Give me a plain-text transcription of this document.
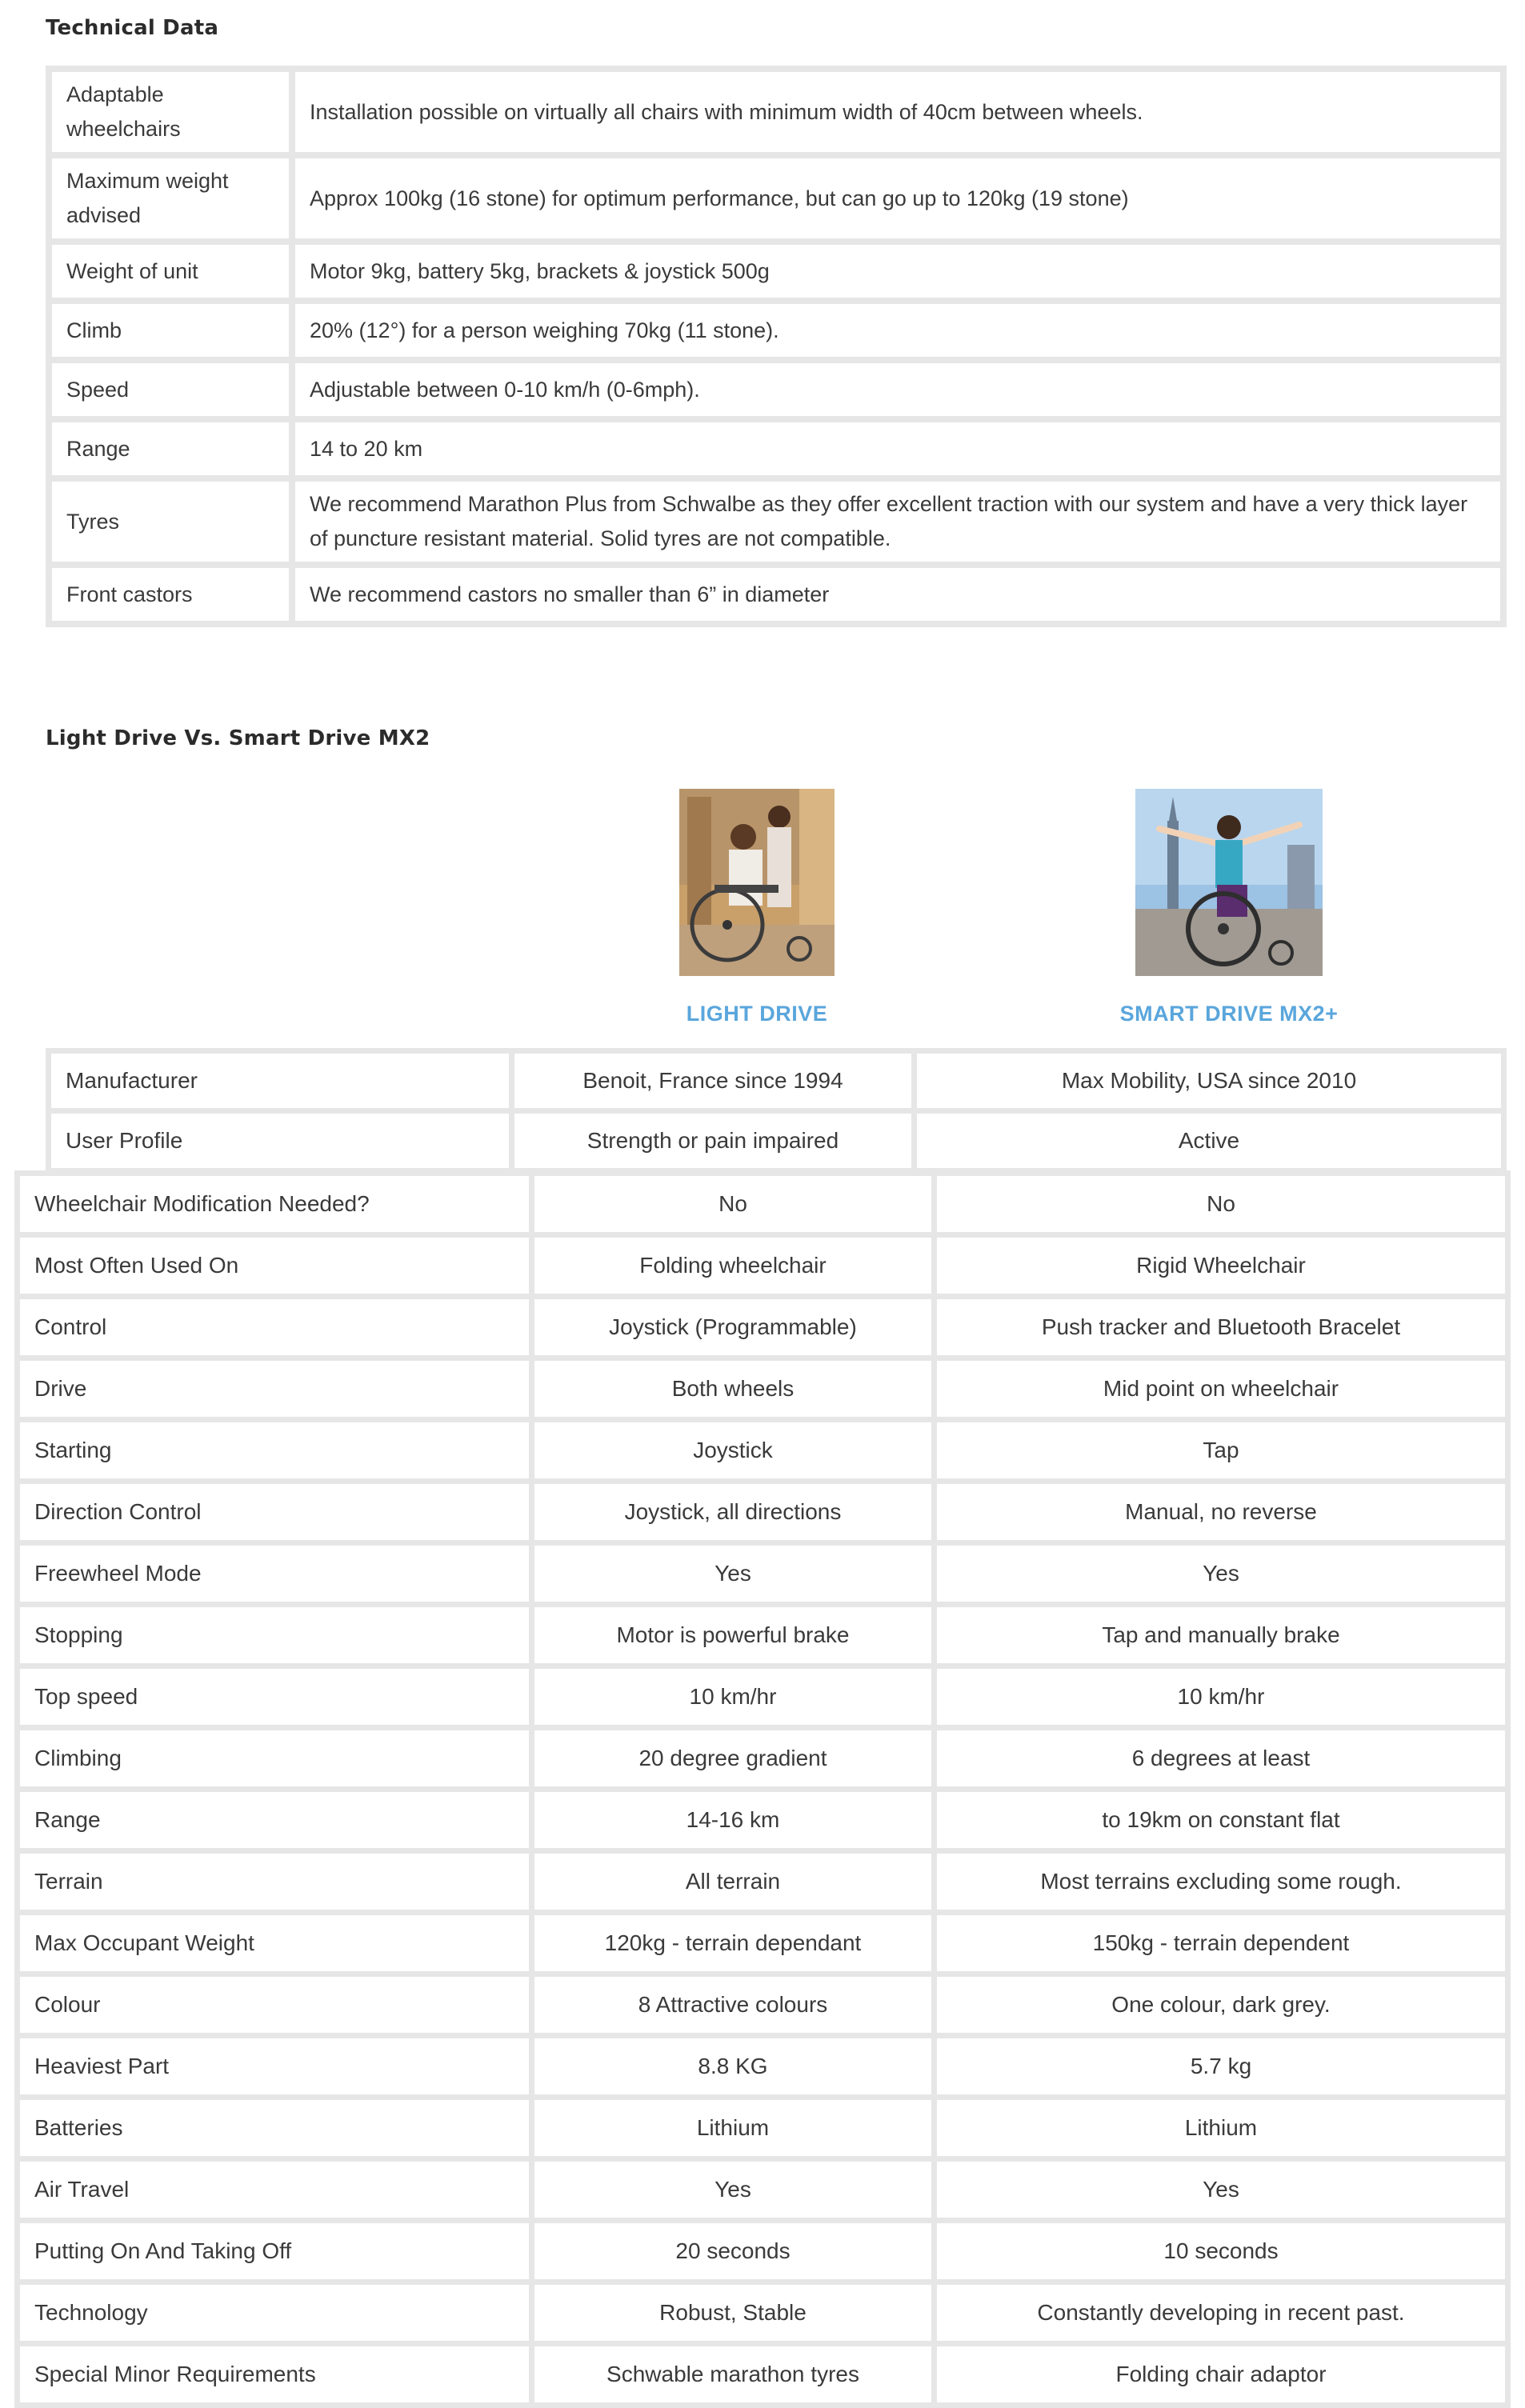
Technical Data
Adaptable wheelchairs	Installation possible on virtually all chairs with minimum width of 40cm between wheels.
Maximum weight advised	Approx 100kg (16 stone) for optimum performance, but can go up to 120kg (19 stone)
Weight of unit	Motor 9kg, battery 5kg, brackets & joystick 500g
Climb	20% (12°) for a person weighing 70kg (11 stone).
Speed	Adjustable between 0-10 km/h (0-6mph).
Range	14 to 20 km
Tyres	We recommend Marathon Plus from Schwalbe as they offer excellent traction with our system and have a very thick layer of puncture resistant material. Solid tyres are not compatible.
Front castors	We recommend castors no smaller than 6” in diameter
Light Drive Vs. Smart Drive MX2
LIGHT DRIVE	SMART DRIVE MX2+
Manufacturer	Benoit, France since 1994	Max Mobility, USA since 2010
User Profile	Strength or pain impaired	Active
Wheelchair Modification Needed?	No	No
Most Often Used On	Folding wheelchair	Rigid Wheelchair
Control	Joystick (Programmable)	Push tracker and Bluetooth Bracelet
Drive	Both wheels	Mid point on wheelchair
Starting	Joystick	Tap
Direction Control	Joystick, all directions	Manual, no reverse
Freewheel Mode	Yes	Yes
Stopping	Motor is powerful brake	Tap and manually brake
Top speed	10 km/hr	10 km/hr
Climbing	20 degree gradient	6 degrees at least
Range	14-16 km	to 19km on constant flat
Terrain	All terrain	Most terrains excluding some rough.
Max Occupant Weight	120kg - terrain dependant	150kg - terrain dependent
Colour	8 Attractive colours	One colour, dark grey.
Heaviest Part	8.8 KG	5.7 kg
Batteries	Lithium	Lithium
Air Travel	Yes	Yes
Putting On And Taking Off	20 seconds	10 seconds
Technology	Robust, Stable	Constantly developing in recent past.
Special Minor Requirements	Schwable marathon tyres	Folding chair adaptor
